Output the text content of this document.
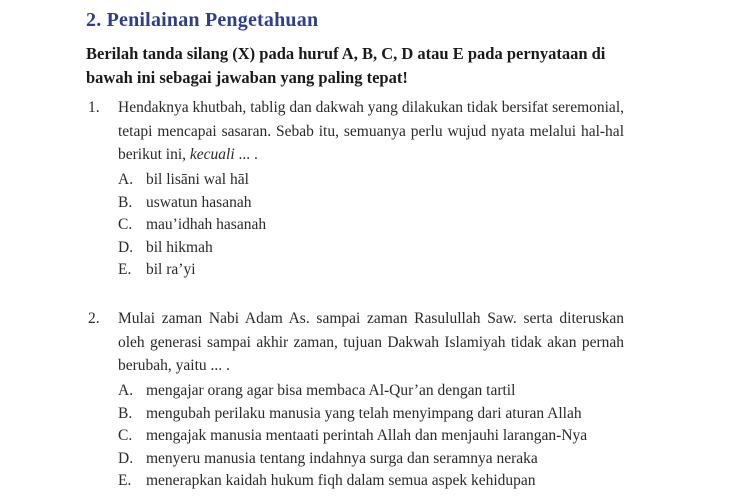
2. Penilainan Pengetahuan
Berilah tanda silang (X) pada huruf A, B, C, D atau E pada pernyataan di bawah ini sebagai jawaban yang paling tepat!
1. Hendaknya khutbah, tablig dan dakwah yang dilakukan tidak bersifat seremonial, tetapi mencapai sasaran. Sebab itu, semuanya perlu wujud nyata melalui hal-hal berikut ini, kecuali ... .
A. bil lisāni wal hāl
B. uswatun hasanah
C. mau’idhah hasanah
D. bil hikmah
E. bil ra’yi
2. Mulai zaman Nabi Adam As. sampai zaman Rasulullah Saw. serta diteruskan oleh generasi sampai akhir zaman, tujuan Dakwah Islamiyah tidak akan pernah berubah, yaitu ... .
A. mengajar orang agar bisa membaca Al-Qur’an dengan tartil
B. mengubah perilaku manusia yang telah menyimpang dari aturan Allah
C. mengajak manusia mentaati perintah Allah dan menjauhi larangan-Nya
D. menyeru manusia tentang indahnya surga dan seramnya neraka
E. menerapkan kaidah hukum fiqh dalam semua aspek kehidupan
